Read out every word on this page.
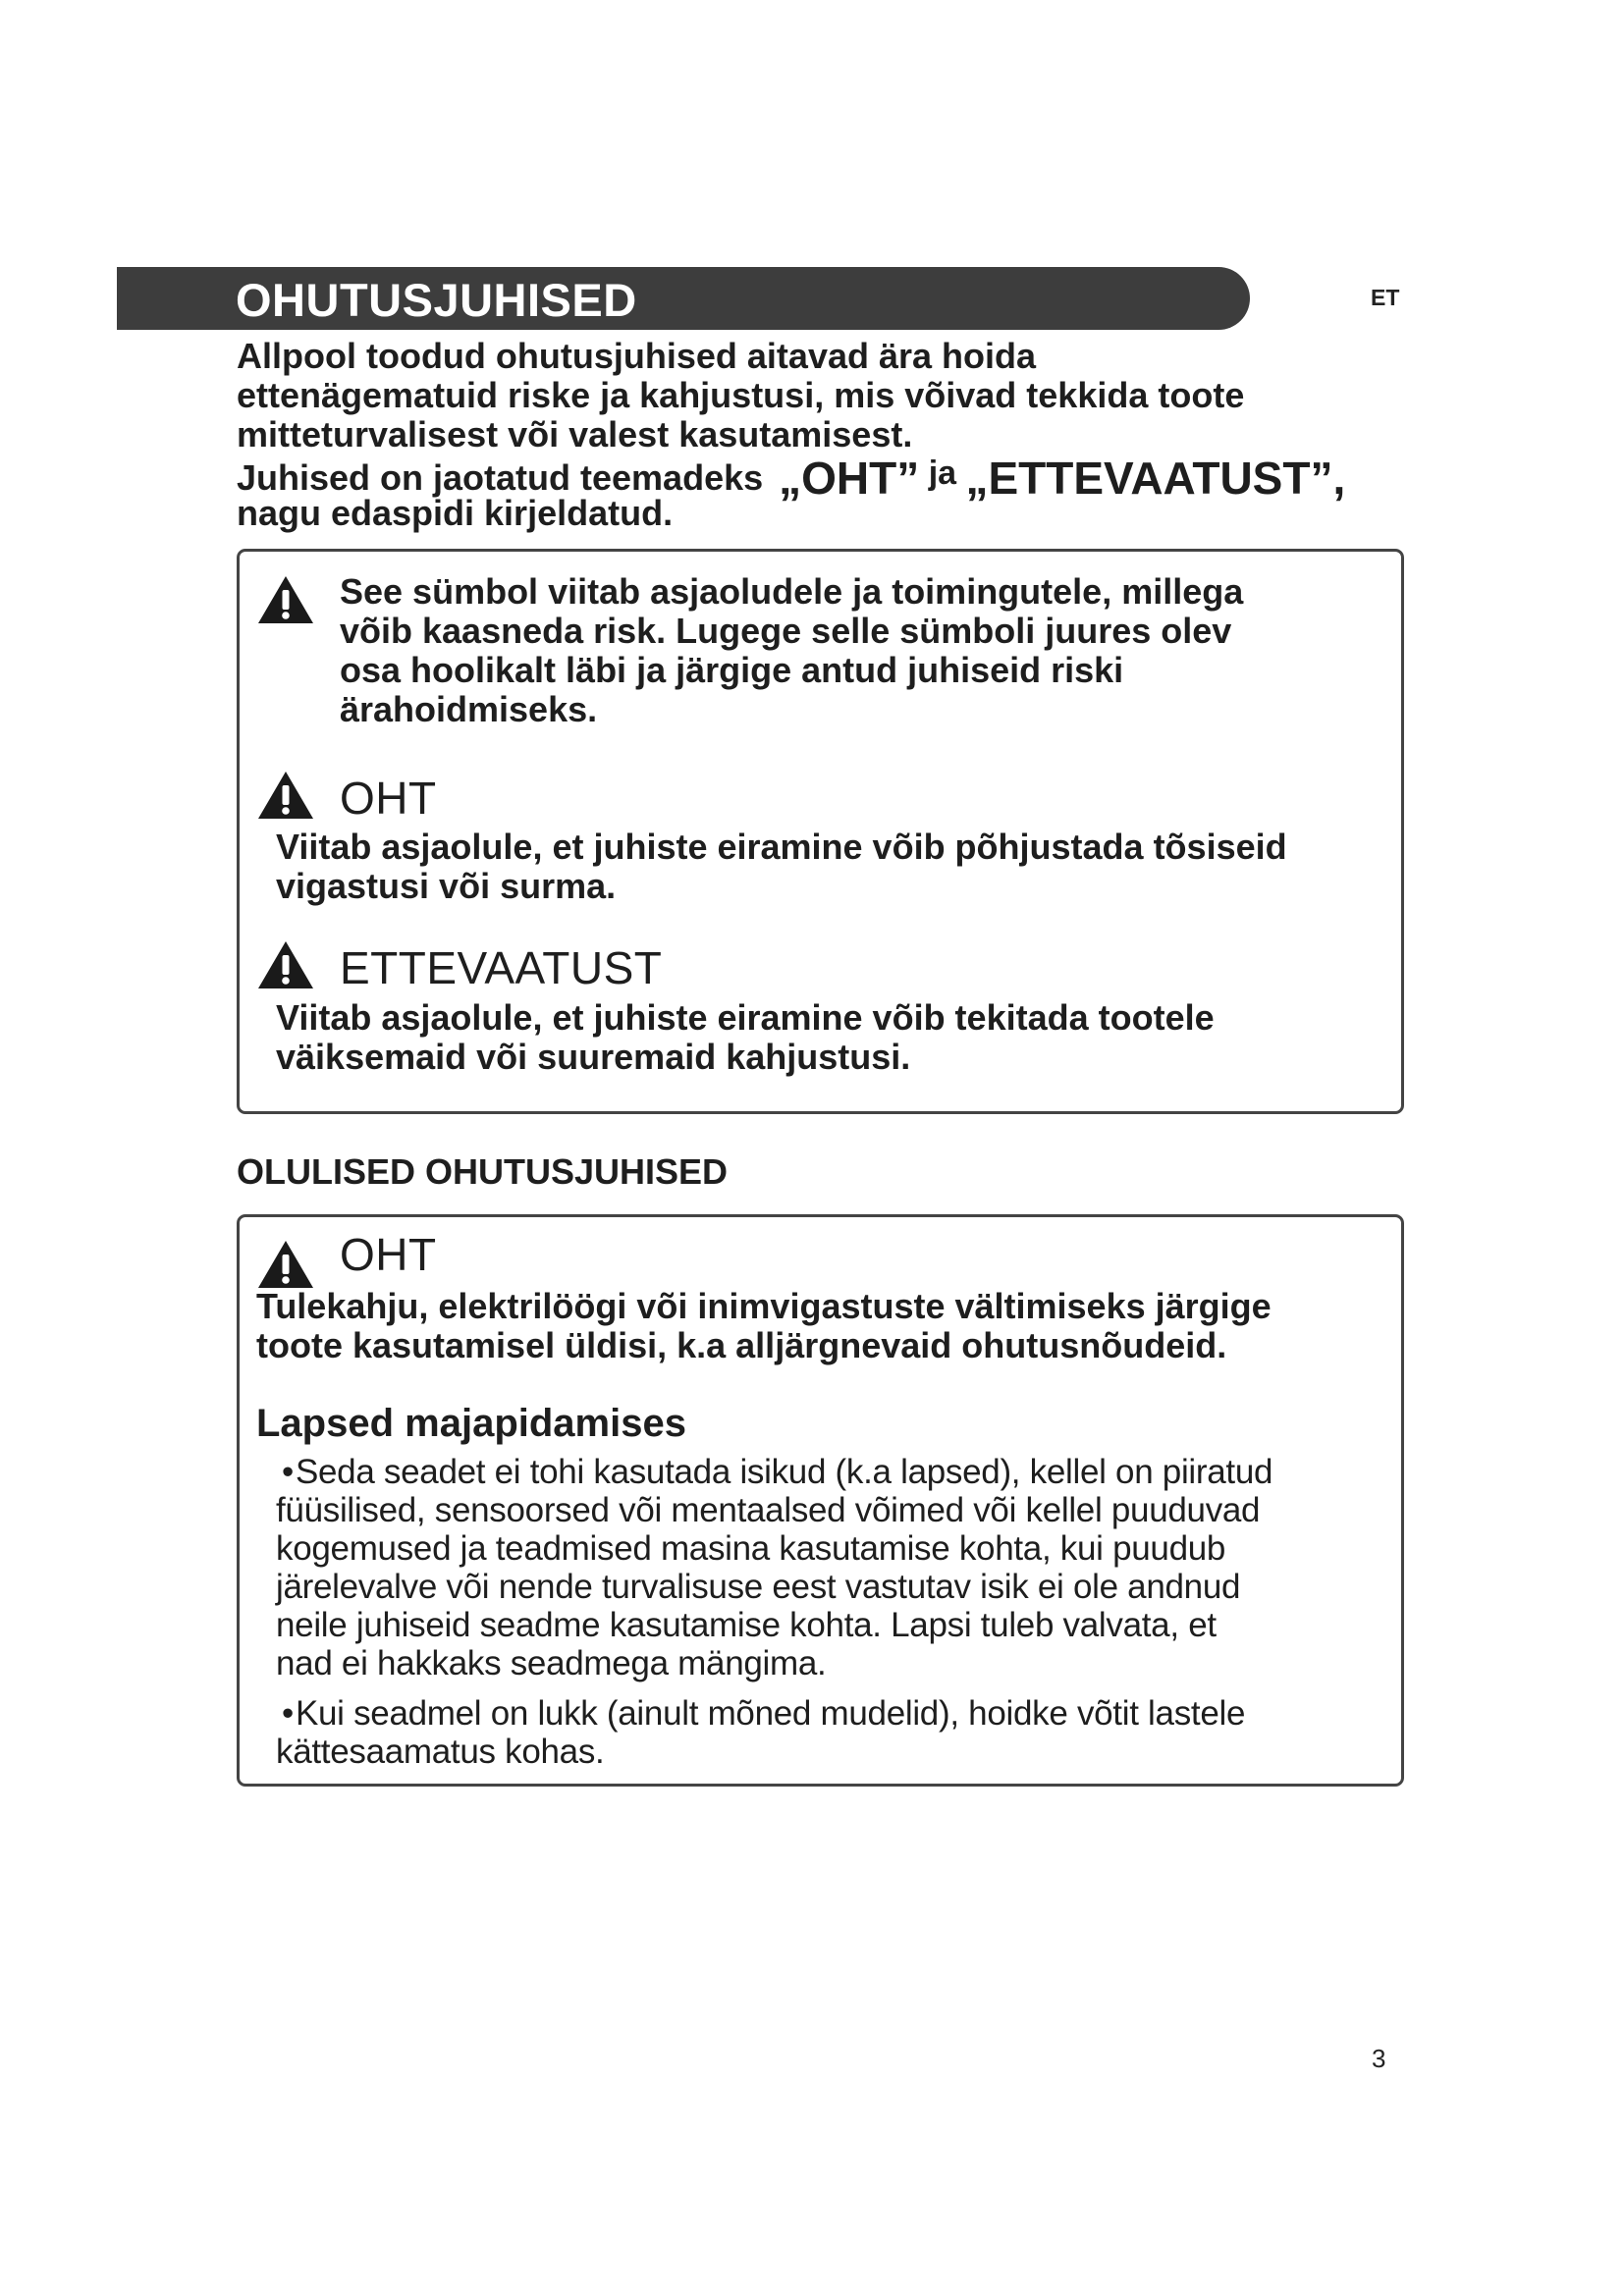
OHUTUSJUHISED	ET
Allpool toodud ohutusjuhised aitavad ära hoida
ettenägematuid riske ja kahjustusi, mis võivad tekkida toote
mitteturvalisest või valest kasutamisest.
Juhised on jaotatud teemadeks „OHT” ja „ETTEVAATUST”,
nagu edaspidi kirjeldatud.
See sümbol viitab asjaoludele ja toimingutele, millega
võib kaasneda risk. Lugege selle sümboli juures olev
osa hoolikalt läbi ja järgige antud juhiseid riski
ärahoidmiseks.
OHT
Viitab asjaolule, et juhiste eiramine võib põhjustada tõsiseid
vigastusi või surma.
ETTEVAATUST
Viitab asjaolule, et juhiste eiramine võib tekitada tootele
väiksemaid või suuremaid kahjustusi.
OLULISED OHUTUSJUHISED
OHT
Tulekahju, elektrilöögi või inimvigastuste vältimiseks järgige
toote kasutamisel üldisi, k.a alljärgnevaid ohutusnõudeid.
Lapsed majapidamises
•Seda seadet ei tohi kasutada isikud (k.a lapsed), kellel on piiratud
füüsilised, sensoorsed või mentaalsed võimed või kellel puuduvad
kogemused ja teadmised masina kasutamise kohta, kui puudub
järelevalve või nende turvalisuse eest vastutav isik ei ole andnud
neile juhiseid seadme kasutamise kohta. Lapsi tuleb valvata, et
nad ei hakkaks seadmega mängima.
•Kui seadmel on lukk (ainult mõned mudelid), hoidke võtit lastele
kättesaamatus kohas.
3
